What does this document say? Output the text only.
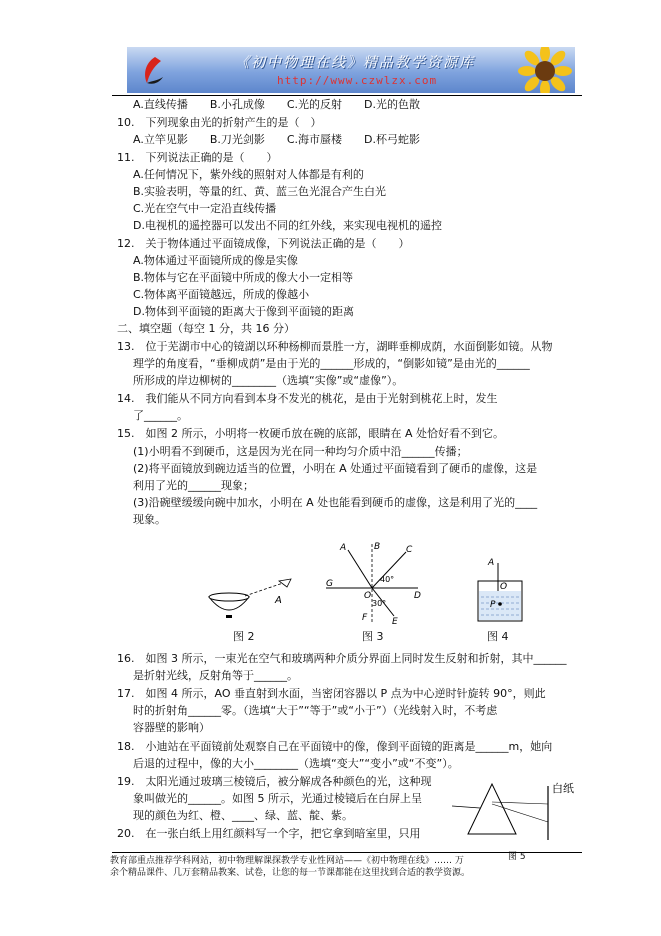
《初中物理在线》精品教学资源库
http://www.czwlzx.com
A.直线传播　　B.小孔成像　　C.光的反射　　D.光的色散
10.　下列现象由光的折射产生的是（　）
A.立竿见影　　B.刀光剑影　　C.海市蜃楼　　D.杯弓蛇影
11.　下列说法正确的是（　　）
A.任何情况下，紫外线的照射对人体都是有利的
B.实验表明，等量的红、黄、蓝三色光混合产生白光
C.光在空气中一定沿直线传播
D.电视机的遥控器可以发出不同的红外线，来实现电视机的遥控
12.　关于物体通过平面镜成像，下列说法正确的是（　　）
A.物体通过平面镜所成的像是实像
B.物体与它在平面镜中所成的像大小一定相等
C.物体离平面镜越远，所成的像越小
D.物体到平面镜的距离大于像到平面镜的距离
二、填空题（每空 1 分，共 16 分）
13.　位于芜湖市中心的镜湖以环种杨柳而景胜一方，湖畔垂柳成荫，水面倒影如镜。从物
理学的角度看，“垂柳成荫”是由于光的______形成的，“倒影如镜”是由光的______
所形成的岸边柳树的________（选填“实像”或“虚像”）。
14.　我们能从不同方向看到本身不发光的桃花，是由于光射到桃花上时，发生
了______。
15.　如图 2 所示，小明将一枚硬币放在碗的底部，眼睛在 A 处恰好看不到它。
(1)小明看不到硬币，这是因为光在同一种均匀介质中沿______传播；
(2)将平面镜放到碗边适当的位置，小明在 A 处通过平面镜看到了硬币的虚像，这是
利用了光的______现象；
(3)沿碗壁缓缓向碗中加水，小明在 A 处也能看到硬币的虚像，这是利用了光的____
现象。
A
图 2
A	B	C
G
O	D
F	E
40°
30°
图 3
A
O
P
图 4
16.　如图 3 所示，一束光在空气和玻璃两种介质分界面上同时发生反射和折射，其中______
是折射光线，反射角等于______。
17.　如图 4 所示，AO 垂直射到水面，当密闭容器以 P 点为中心逆时针旋转 90°，则此
时的折射角______零。（选填“大于”“等于”或“小于”）（光线射入时，不考虑
容器壁的影响）
18.　小迪站在平面镜前处观察自己在平面镜中的像，像到平面镜的距离是______m，她向
后退的过程中，像的大小________（选填“变大”“变小”或“不变”）。
19.　太阳光通过玻璃三棱镜后，被分解成各种颜色的光，这种现
象叫做光的______。如图 5 所示，光通过棱镜后在白屏上呈
现的颜色为红、橙、____、绿、蓝、靛、紫。
20.　在一张白纸上用红颜料写一个字，把它拿到暗室里，只用
白纸
图 5
教育部重点推荐学科网站，初中物理解课探教学专业性网站——《初中物理在线》…… 万
余个精品课件、几万套精品教案、试卷，让您的每一节课都能在这里找到合适的教学资源。
